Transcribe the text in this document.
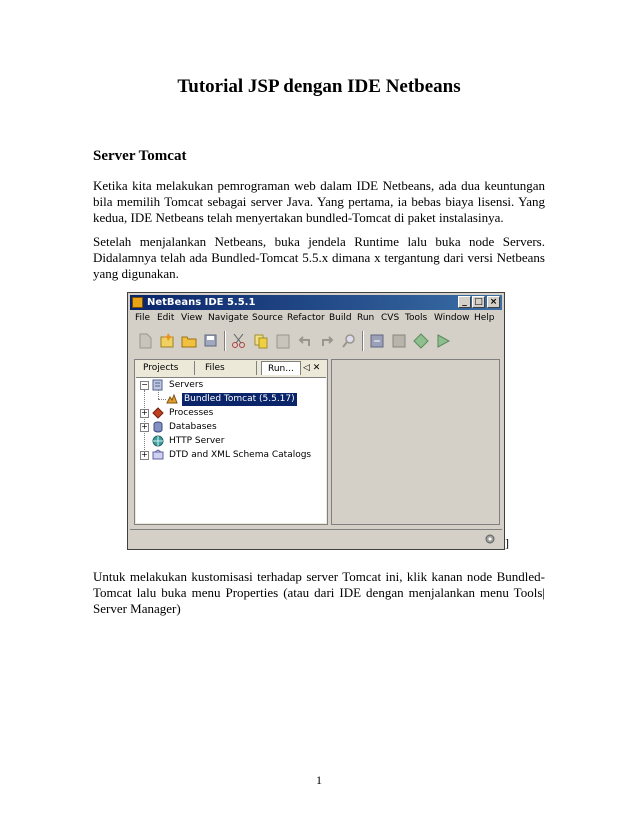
Tutorial JSP dengan IDE Netbeans
Server Tomcat

Ketika kita melakukan pemrograman web dalam IDE Netbeans, ada dua keuntungan bila memilih Tomcat sebagai server Java. Yang pertama, ia bebas biaya lisensi. Yang kedua, IDE Netbeans telah menyertakan bundled-Tomcat di paket instalasinya.

Setelah menjalankan Netbeans, buka jendela Runtime lalu buka node Servers. Didalamnya telah ada Bundled-Tomcat 5.5.x dimana x tergantung dari versi Netbeans yang digunakan.

NetBeans IDE 5.5.1	_ □ ×
File Edit View Navigate Source Refactor Build Run CVS Tools Window Help
Projects	Files	Run...	◁ ✕
− Servers
Bundled Tomcat (5.5.17)
+ Processes
+ Databases
HTTP Server
+ DTD and XML Schema Catalogs
]

Untuk melakukan kustomisasi terhadap server Tomcat ini, klik kanan node Bundled-Tomcat lalu buka menu Properties (atau dari IDE dengan menjalankan menu Tools| Server Manager)

1
